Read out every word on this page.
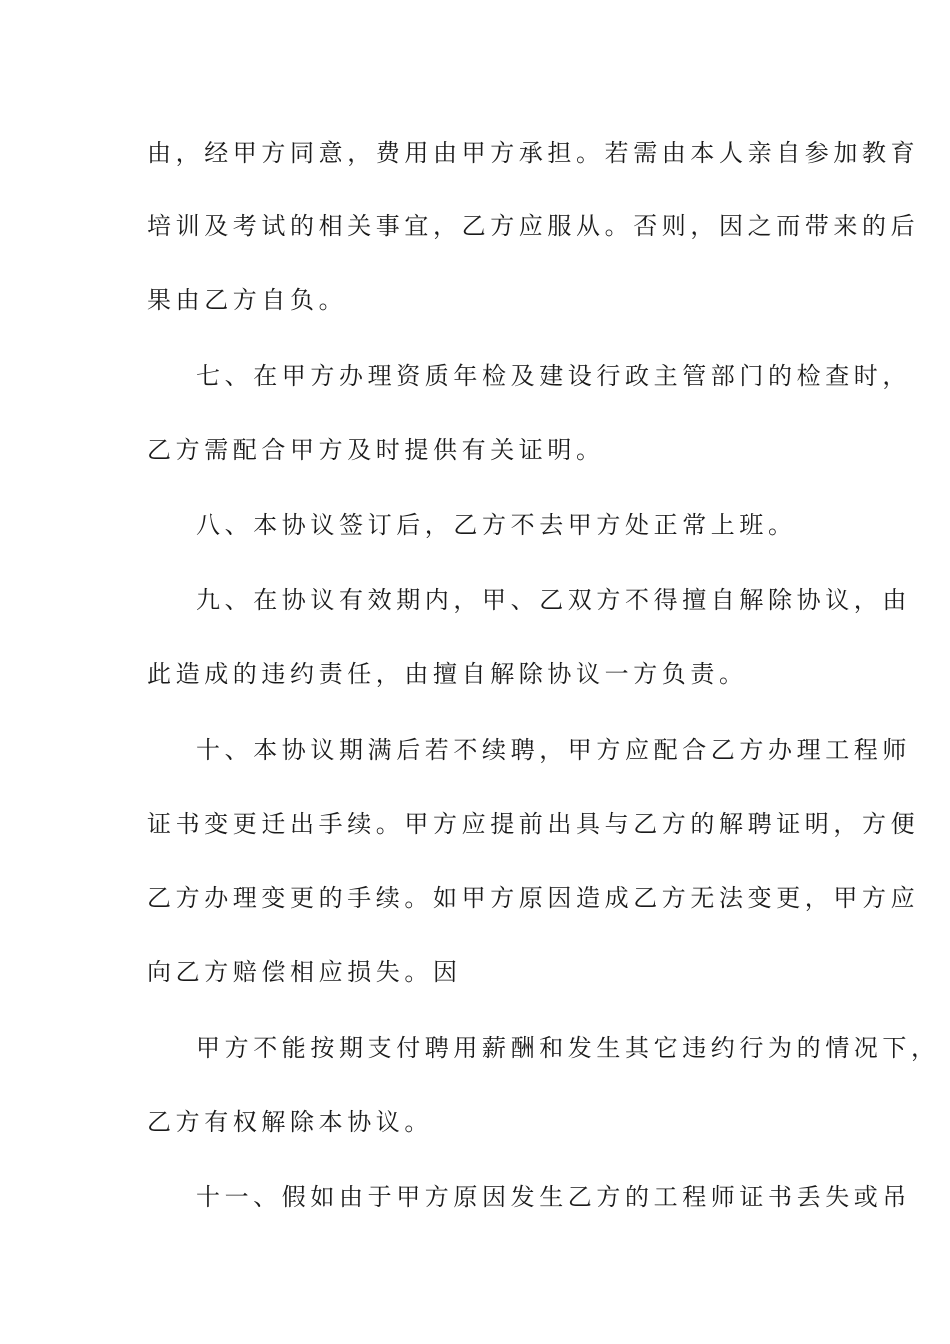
由，经甲方同意，费用由甲方承担。若需由本人亲自参加教育
培训及考试的相关事宜，乙方应服从。否则，因之而带来的后
果由乙方自负。
七、在甲方办理资质年检及建设行政主管部门的检查时，
乙方需配合甲方及时提供有关证明。
八、本协议签订后，乙方不去甲方处正常上班。
九、在协议有效期内，甲、乙双方不得擅自解除协议，由
此造成的违约责任，由擅自解除协议一方负责。
十、本协议期满后若不续聘，甲方应配合乙方办理工程师
证书变更迁出手续。甲方应提前出具与乙方的解聘证明，方便
乙方办理变更的手续。如甲方原因造成乙方无法变更，甲方应
向乙方赔偿相应损失。因
甲方不能按期支付聘用薪酬和发生其它违约行为的情况下，
乙方有权解除本协议。
十一、假如由于甲方原因发生乙方的工程师证书丢失或吊
